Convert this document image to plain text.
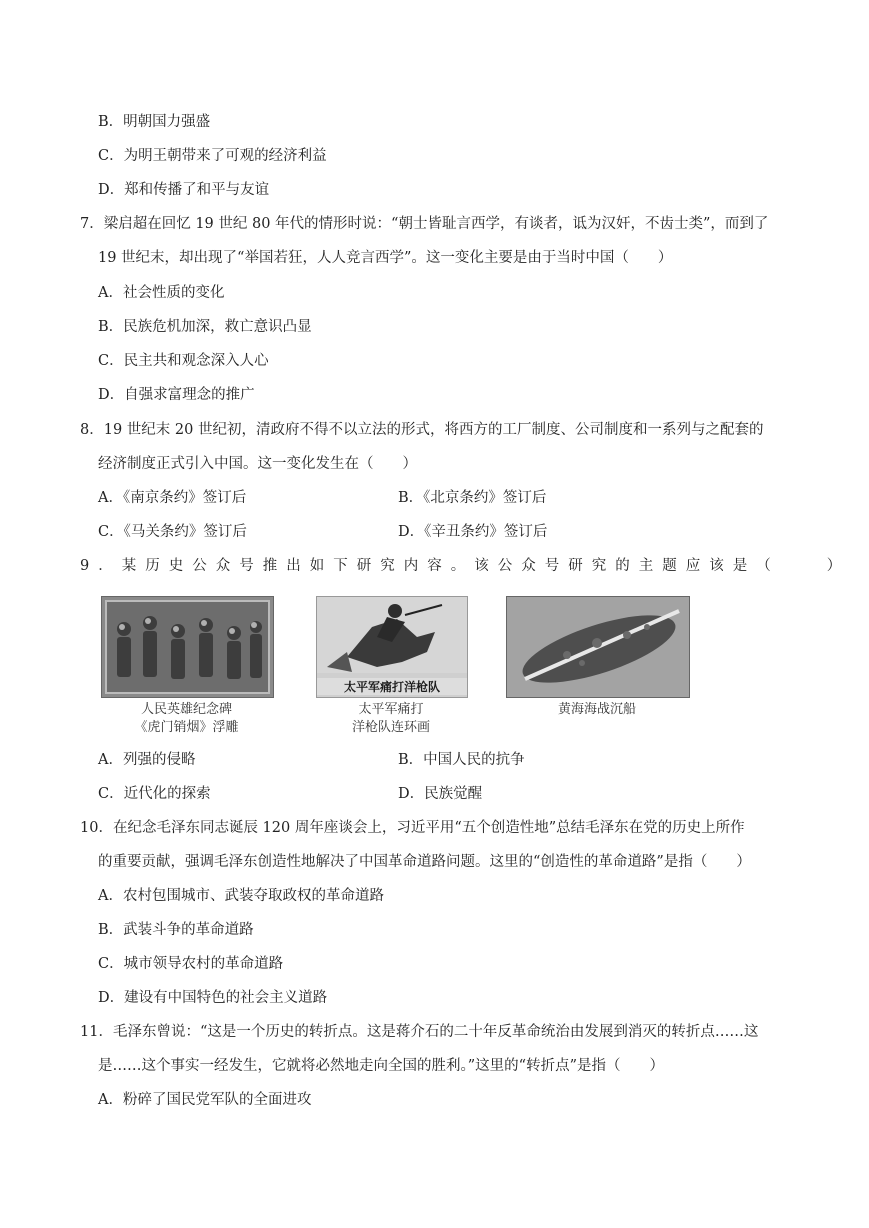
B．明朝国力强盛
C．为明王朝带来了可观的经济利益
D．郑和传播了和平与友谊
7．梁启超在回忆 19 世纪 80 年代的情形时说：“朝士皆耻言西学，有谈者，诋为汉奸，不齿士类”，而到了
19 世纪末，却出现了“举国若狂，人人竞言西学”。这一变化主要是由于当时中国（　　）
A．社会性质的变化
B．民族危机加深，救亡意识凸显
C．民主共和观念深入人心
D．自强求富理念的推广
8．19 世纪末 20 世纪初，清政府不得不以立法的形式，将西方的工厂制度、公司制度和一系列与之配套的
经济制度正式引入中国。这一变化发生在（　　）
A．《南京条约》签订后	B．《北京条约》签订后
C．《马关条约》签订后	D．《辛丑条约》签订后
9．某历史公众号推出如下研究内容。该公众号研究的主题应该是（　　）
人民英雄纪念碑
《虎门销烟》浮雕
太平军痛打洋枪队
太平军痛打
洋枪队连环画
黄海海战沉船
A．列强的侵略	B．中国人民的抗争
C．近代化的探索	D．民族觉醒
10．在纪念毛泽东同志诞辰 120 周年座谈会上，习近平用“五个创造性地”总结毛泽东在党的历史上所作
的重要贡献，强调毛泽东创造性地解决了中国革命道路问题。这里的“创造性的革命道路”是指（　　）
A．农村包围城市、武装夺取政权的革命道路
B．武装斗争的革命道路
C．城市领导农村的革命道路
D．建设有中国特色的社会主义道路
11．毛泽东曾说：“这是一个历史的转折点。这是蒋介石的二十年反革命统治由发展到消灭的转折点……这
是……这个事实一经发生，它就将必然地走向全国的胜利。”这里的“转折点”是指（　　）
A．粉碎了国民党军队的全面进攻
